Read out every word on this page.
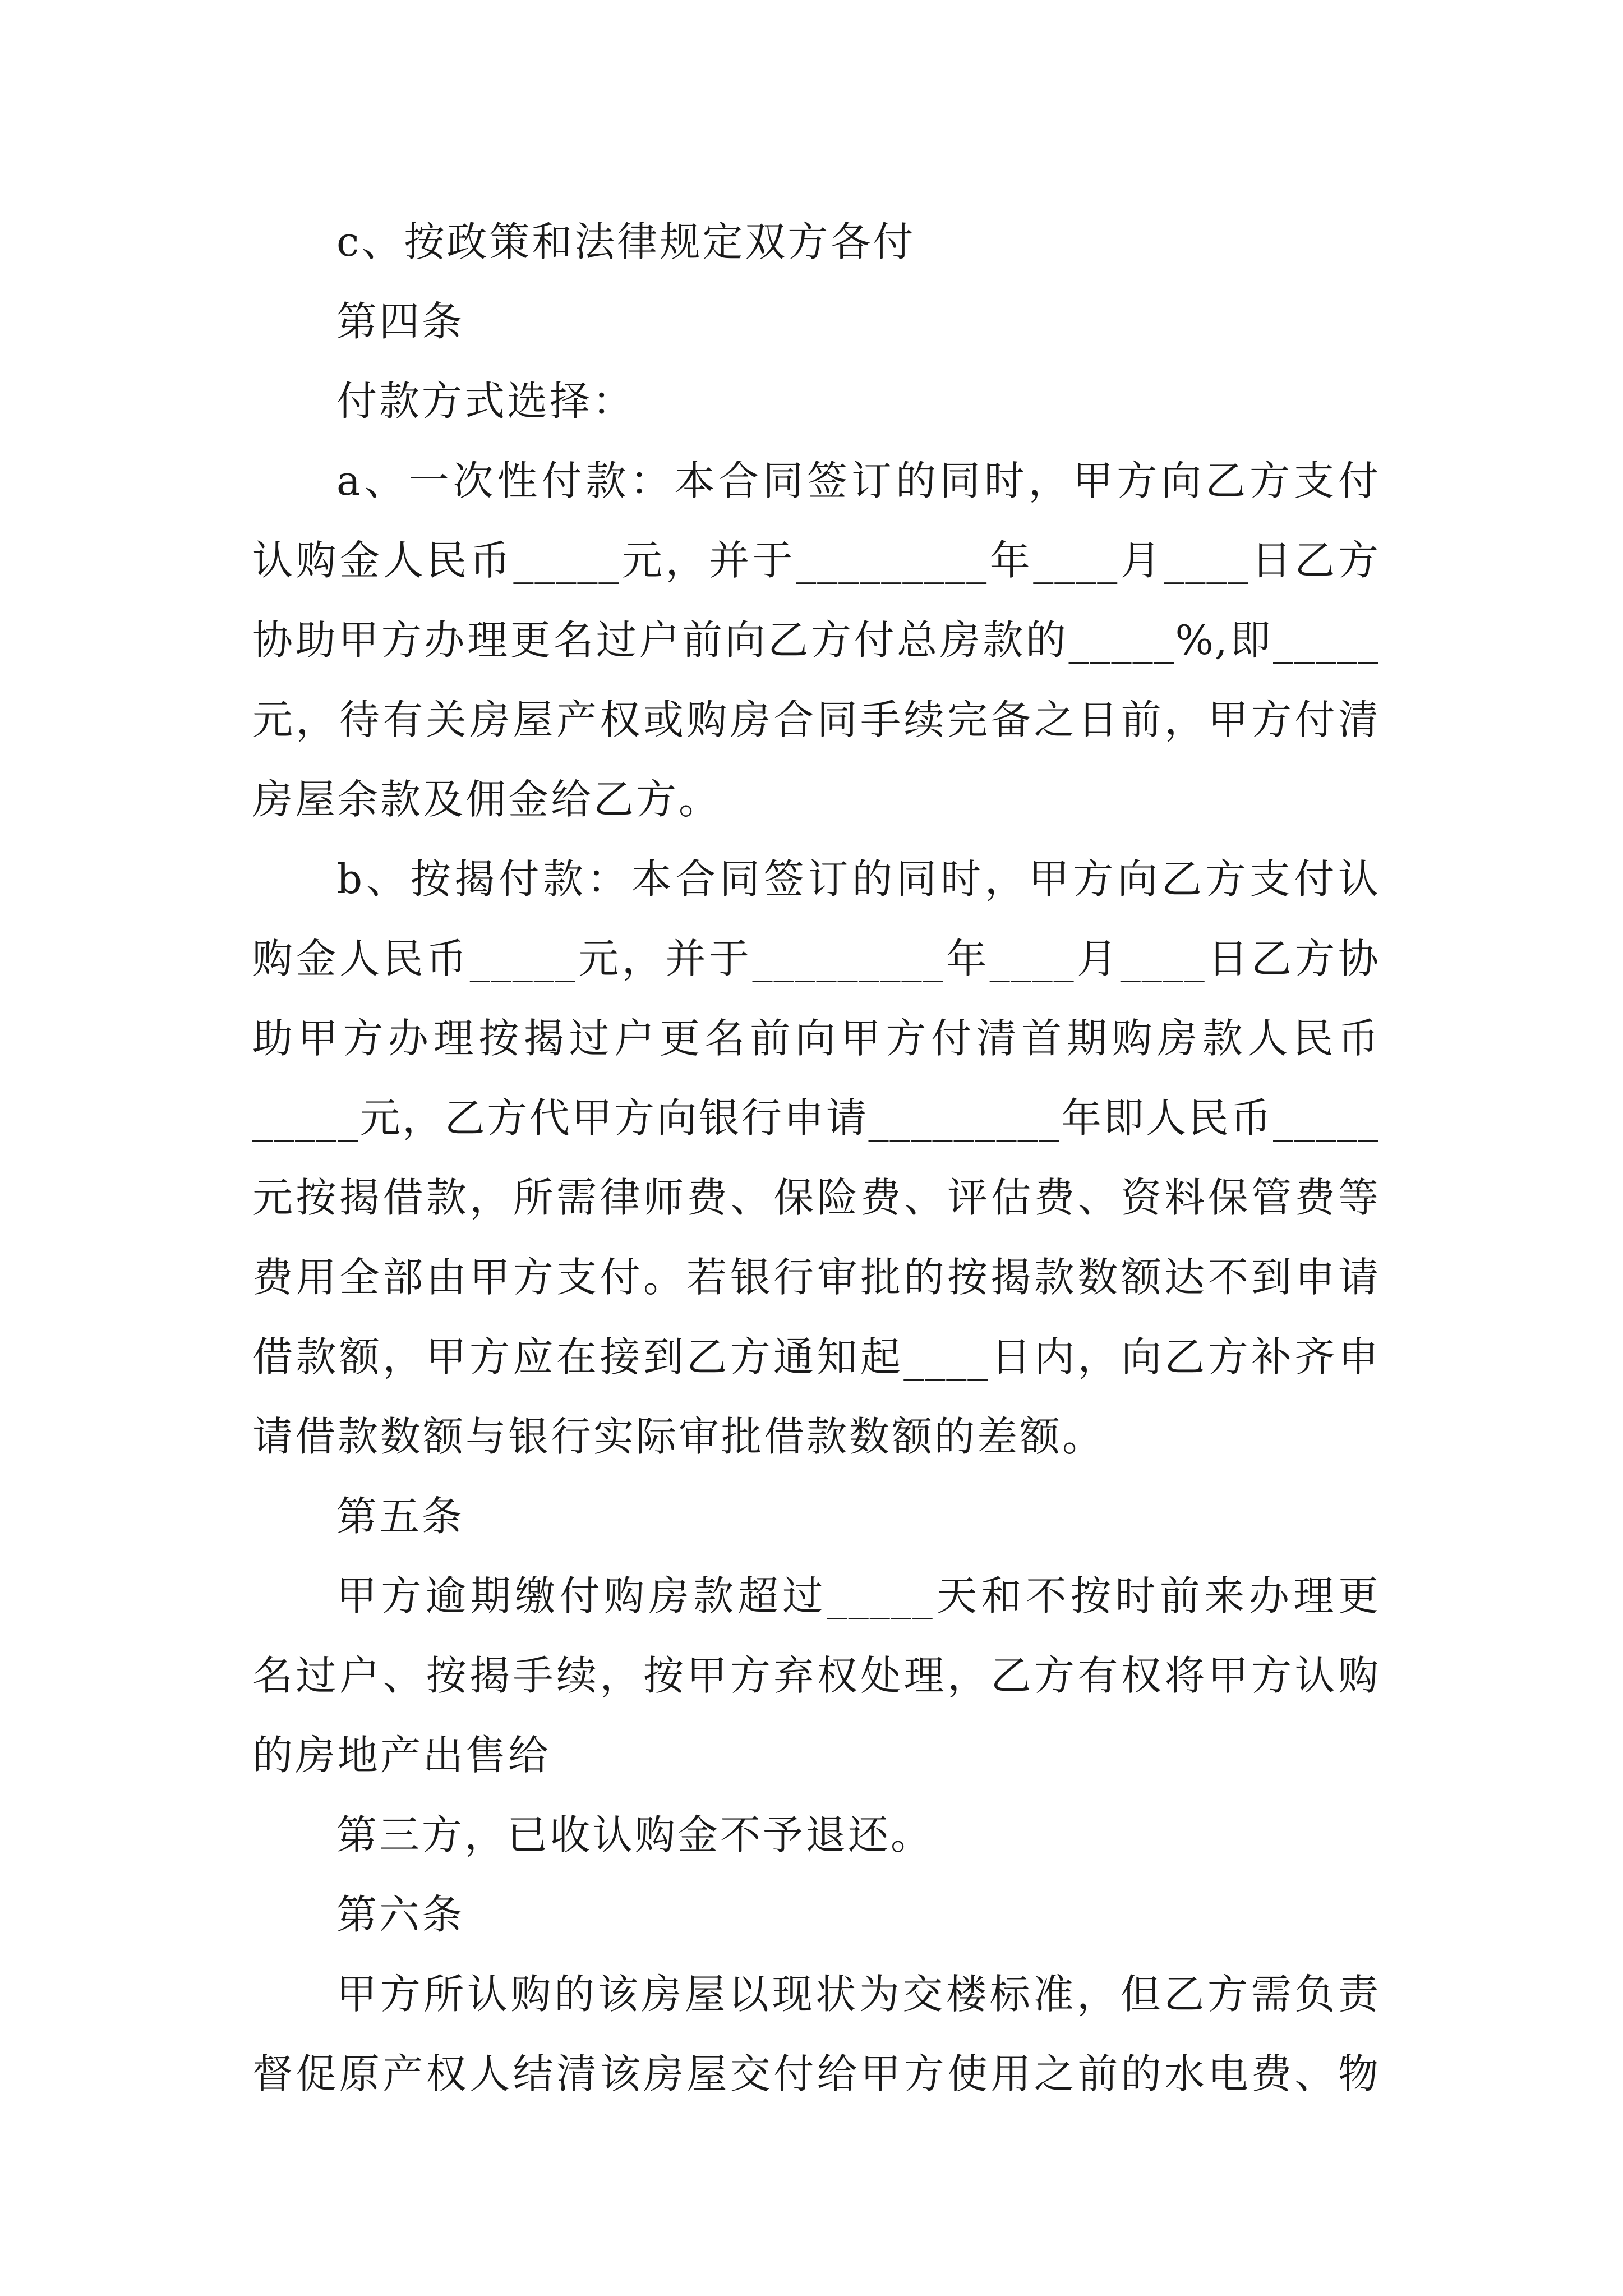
c、按政策和法律规定双方各付
第四条
付款方式选择：
a、一次性付款：本合同签订的同时，甲方向乙方支付
认购金人民币_____元，并于_________年____月____日乙方
协助甲方办理更名过户前向乙方付总房款的_____%,即_____
元，待有关房屋产权或购房合同手续完备之日前，甲方付清
房屋余款及佣金给乙方。
b、按揭付款：本合同签订的同时，甲方向乙方支付认
购金人民币_____元，并于_________年____月____日乙方协
助甲方办理按揭过户更名前向甲方付清首期购房款人民币
_____元，乙方代甲方向银行申请_________年即人民币_____
元按揭借款，所需律师费、保险费、评估费、资料保管费等
费用全部由甲方支付。若银行审批的按揭款数额达不到申请
借款额，甲方应在接到乙方通知起____日内，向乙方补齐申
请借款数额与银行实际审批借款数额的差额。
第五条
甲方逾期缴付购房款超过_____天和不按时前来办理更
名过户、按揭手续，按甲方弃权处理，乙方有权将甲方认购
的房地产出售给
第三方，已收认购金不予退还。
第六条
甲方所认购的该房屋以现状为交楼标准，但乙方需负责
督促原产权人结清该房屋交付给甲方使用之前的水电费、物
